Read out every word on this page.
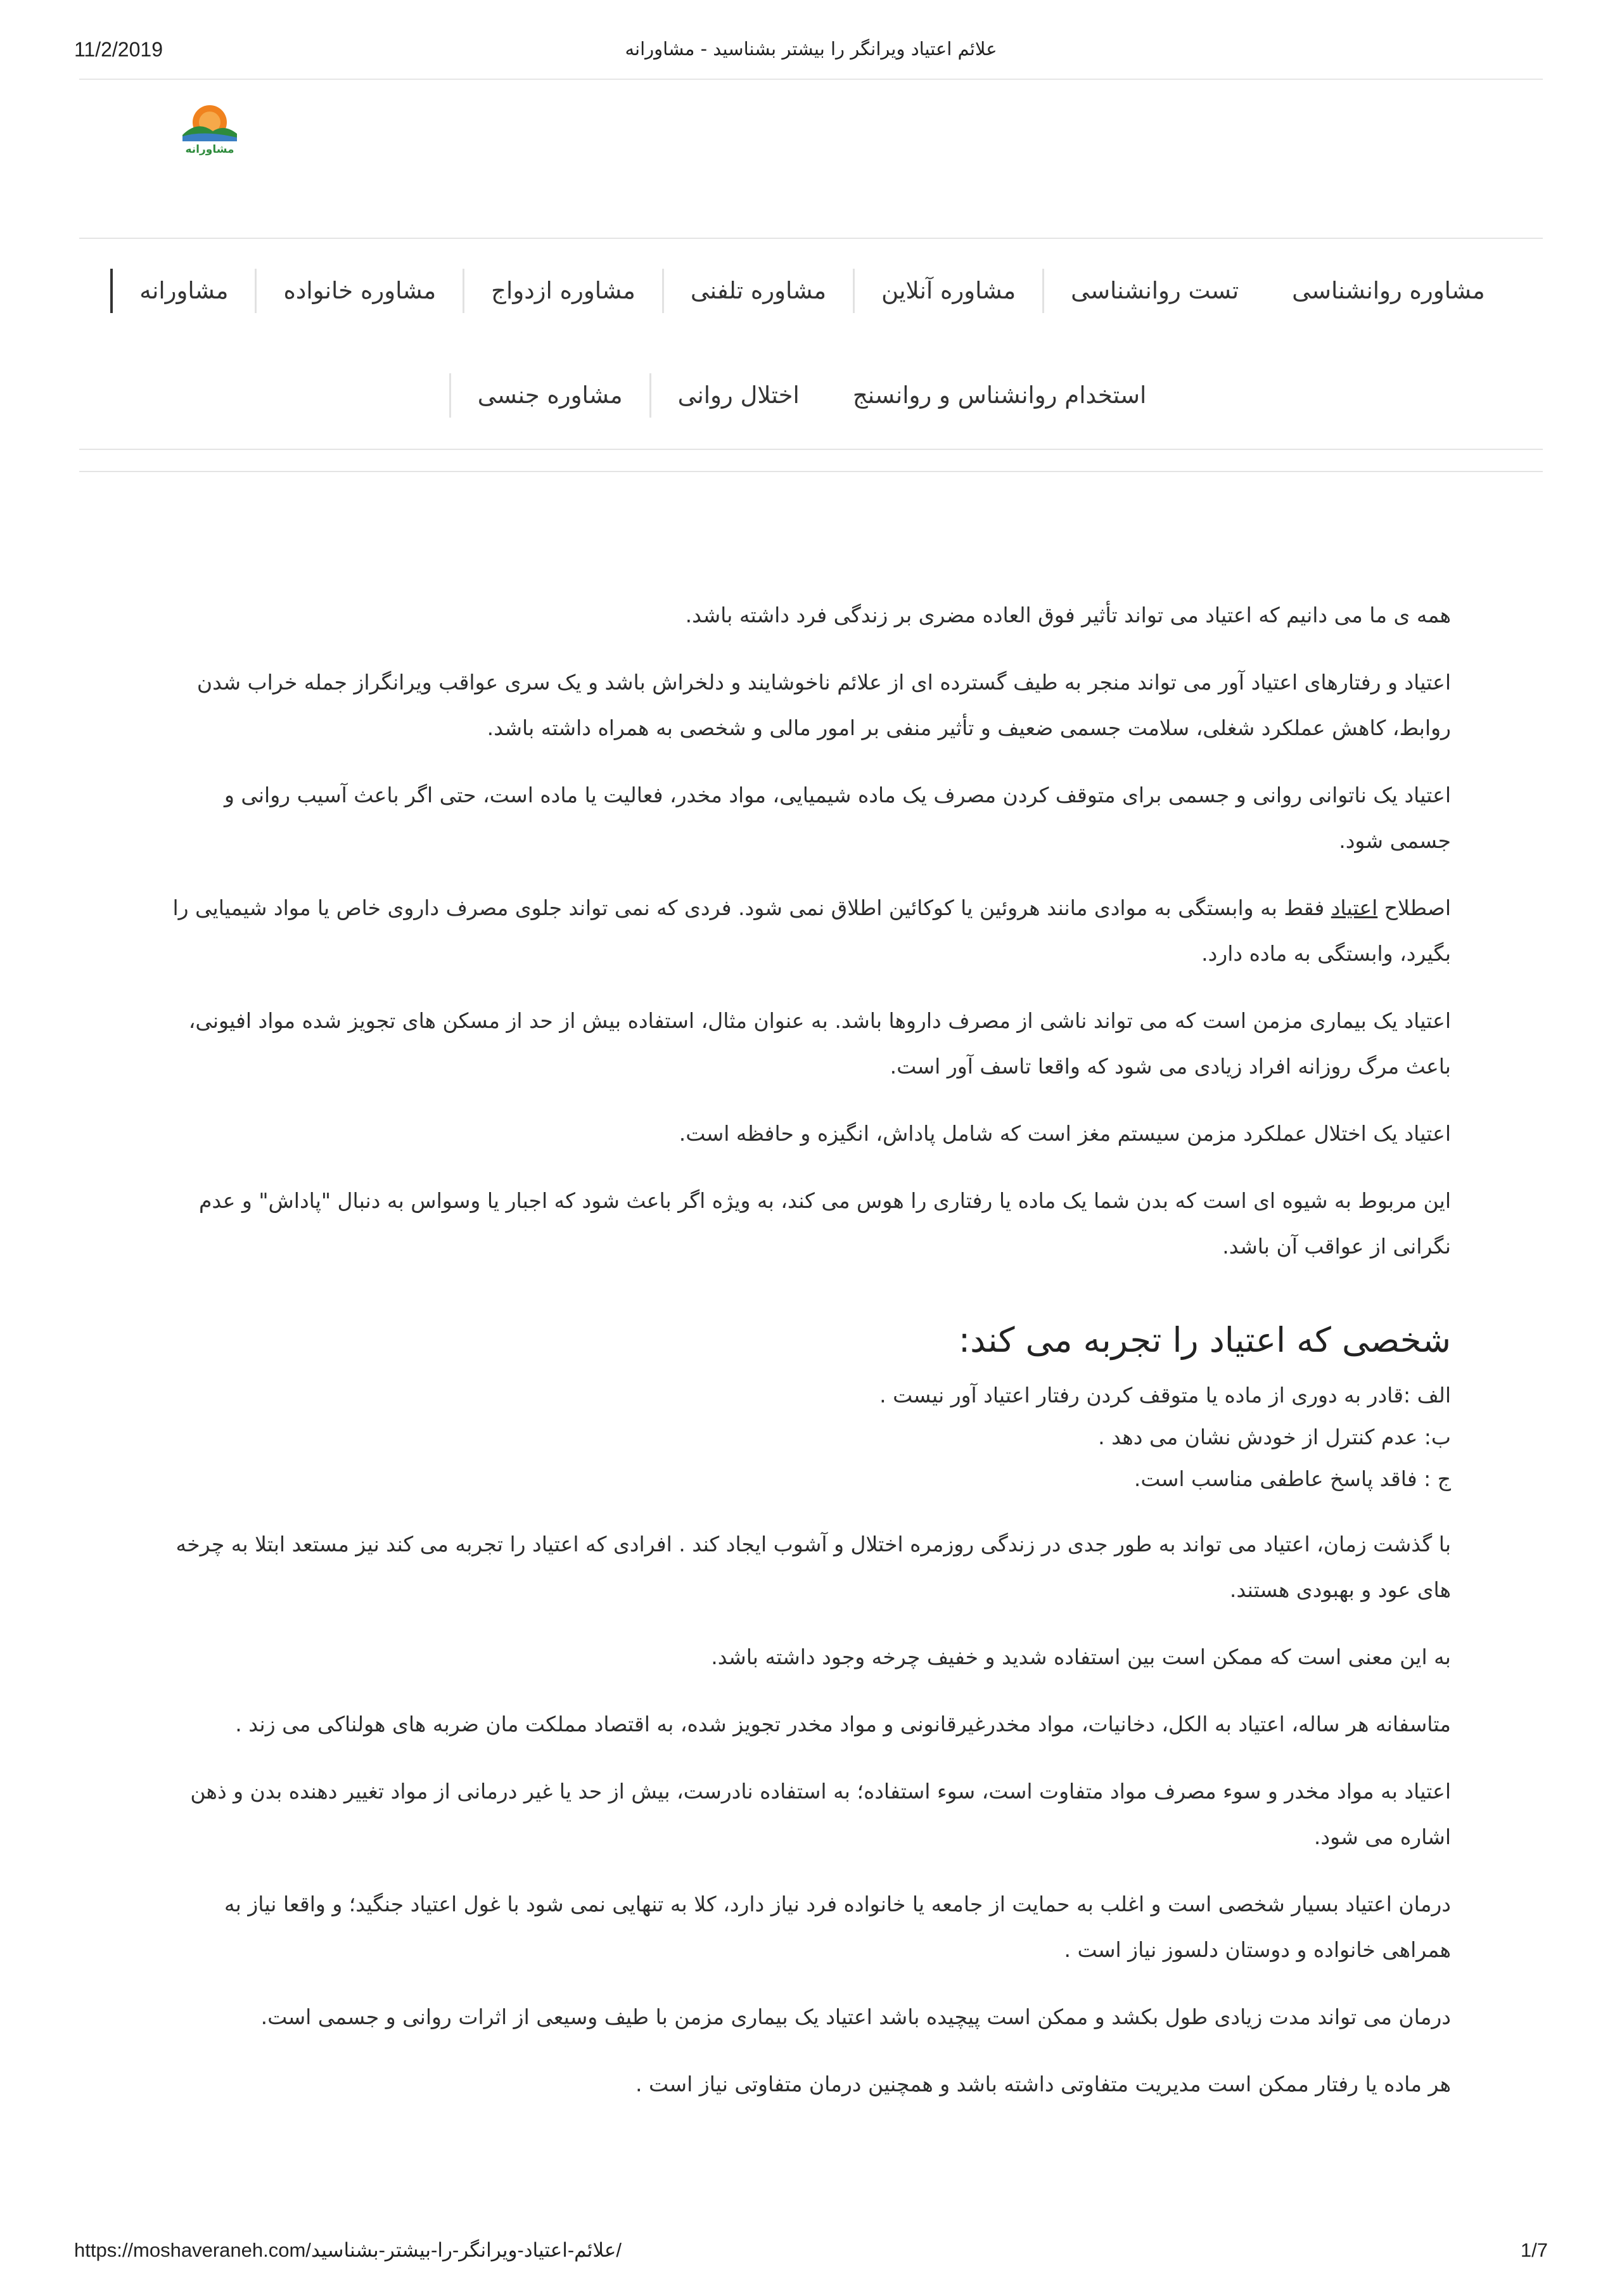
11/2/2019	علائم اعتیاد ویرانگر را بیشتر بشناسید - مشاورانه
مشاورانه
مشاورانه	مشاوره خانواده	مشاوره ازدواج	مشاوره تلفنی	مشاوره آنلاین	تست روانشناسی	مشاوره روانشناسی
مشاوره جنسی	اختلال روانی	استخدام روانشناس و روانسنج

همه ی ما می دانیم که اعتیاد می تواند تأثیر فوق العاده مضری بر زندگی فرد داشته باشد.

اعتیاد و رفتارهای اعتیاد آور می تواند منجر به طیف گسترده ای از علائم ناخوشایند و دلخراش باشد و یک سری عواقب ویرانگراز جمله خراب شدن روابط، کاهش عملکرد شغلی، سلامت جسمی ضعیف و تأثیر منفی بر امور مالی و شخصی به همراه داشته باشد.

اعتیاد یک ناتوانی روانی و جسمی برای متوقف کردن مصرف یک ماده شیمیایی، مواد مخدر، فعالیت یا ماده است، حتی اگر باعث آسیب روانی و جسمی شود.

اصطلاح اعتیاد فقط به وابستگی به موادی مانند هروئین یا کوکائین اطلاق نمی شود. فردی که نمی تواند جلوی مصرف داروی خاص یا مواد شیمیایی را بگیرد، وابستگی به ماده دارد.

اعتیاد یک بیماری مزمن است که می تواند ناشی از مصرف داروها باشد. به عنوان مثال، استفاده بیش از حد از مسکن های تجویز شده مواد افیونی، باعث مرگ روزانه افراد زیادی می شود که واقعا تاسف آور است.

اعتیاد یک اختلال عملکرد مزمن سیستم مغز است که شامل پاداش، انگیزه و حافظه است.

این مربوط به شیوه ای است که بدن شما یک ماده یا رفتاری را هوس می کند، به ویژه اگر باعث شود که اجبار یا وسواس به دنبال "پاداش" و عدم نگرانی از عواقب آن باشد.

شخصی که اعتیاد را تجربه می کند:
الف :قادر به دوری از ماده یا متوقف کردن رفتار اعتیاد آور نیست .
ب: عدم کنترل از خودش نشان می دهد .
ج : فاقد پاسخ عاطفی مناسب است.

با گذشت زمان، اعتیاد می تواند به طور جدی در زندگی روزمره اختلال و آشوب ایجاد کند . افرادی که اعتیاد را تجربه می کند نیز مستعد ابتلا به چرخه های عود و بهبودی هستند.

به این معنی است که ممکن است بین استفاده شدید و خفیف چرخه وجود داشته باشد.

متاسفانه هر ساله، اعتیاد به الکل، دخانیات، مواد مخدرغیرقانونی و مواد مخدر تجویز شده، به اقتصاد مملکت مان ضربه های هولناکی می زند .

اعتیاد به مواد مخدر و سوء مصرف مواد متفاوت است، سوء استفاده؛ به استفاده نادرست، بیش از حد یا غیر درمانی از مواد تغییر دهنده بدن و ذهن اشاره می شود.

درمان اعتیاد بسیار شخصی است و اغلب به حمایت از جامعه یا خانواده فرد نیاز دارد، کلا به تنهایی نمی شود با غول اعتیاد جنگید؛ و واقعا نیاز به همراهی خانواده و دوستان دلسوز نیاز است .

درمان می تواند مدت زیادی طول بکشد و ممکن است پیچیده باشد اعتیاد یک بیماری مزمن با طیف وسیعی از اثرات روانی و جسمی است.

هر ماده یا رفتار ممکن است مدیریت متفاوتی داشته باشد و همچنین درمان متفاوتی نیاز است .

https://moshaveraneh.com/علائم-اعتیاد-ویرانگر-را-بیشتر-بشناسید/	1/7
